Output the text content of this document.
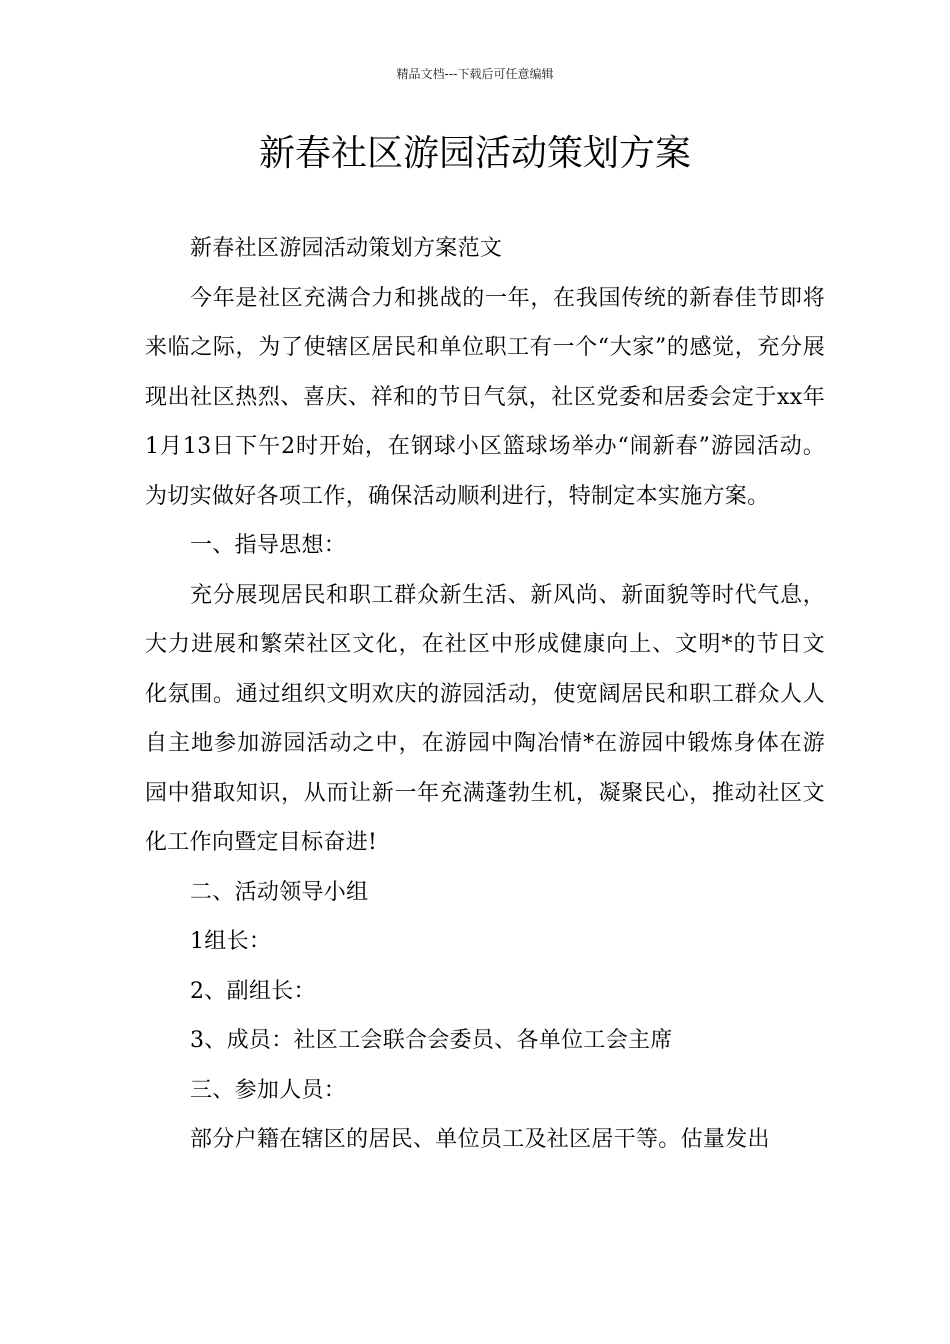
精品文档---下载后可任意编辑
新春社区游园活动策划方案

新春社区游园活动策划方案范文

今年是社区充满合力和挑战的一年，在我国传统的新春佳节即将来临之际，为了使辖区居民和单位职工有一个“大家”的感觉，充分展现出社区热烈、喜庆、祥和的节日气氛，社区党委和居委会定于xx年1月13日下午2时开始，在钢球小区篮球场举办“闹新春”游园活动。为切实做好各项工作，确保活动顺利进行，特制定本实施方案。

一、指导思想：

充分展现居民和职工群众新生活、新风尚、新面貌等时代气息，大力进展和繁荣社区文化，在社区中形成健康向上、文明*的节日文化氛围。通过组织文明欢庆的游园活动，使宽阔居民和职工群众人人自主地参加游园活动之中，在游园中陶冶情*在游园中锻炼身体在游园中猎取知识，从而让新一年充满蓬勃生机，凝聚民心，推动社区文化工作向暨定目标奋进!

二、活动领导小组

1组长：

2、副组长：

3、成员：社区工会联合会委员、各单位工会主席

三、参加人员：

部分户籍在辖区的居民、单位员工及社区居干等。估量发出
